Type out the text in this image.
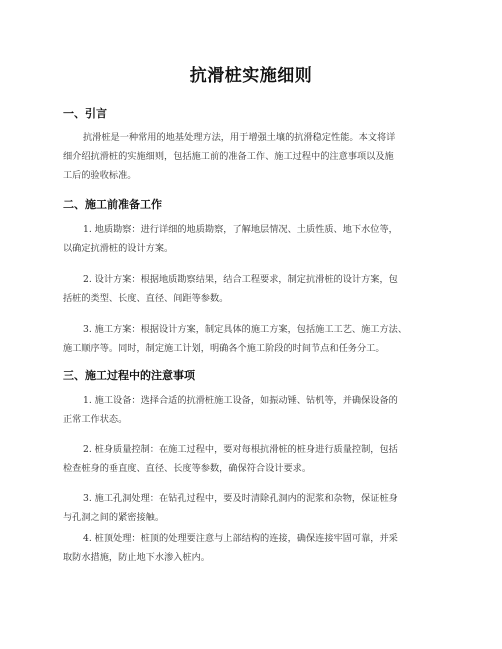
抗滑桩实施细则
一、引言
抗滑桩是一种常用的地基处理方法，用于增强土壤的抗滑稳定性能。本文将详
细介绍抗滑桩的实施细则，包括施工前的准备工作、施工过程中的注意事项以及施
工后的验收标准。
二、施工前准备工作
1. 地质勘察：进行详细的地质勘察，了解地层情况、土质性质、地下水位等，
以确定抗滑桩的设计方案。
2. 设计方案：根据地质勘察结果，结合工程要求，制定抗滑桩的设计方案，包
括桩的类型、长度、直径、间距等参数。
3. 施工方案：根据设计方案，制定具体的施工方案，包括施工工艺、施工方法、
施工顺序等。同时，制定施工计划，明确各个施工阶段的时间节点和任务分工。
三、施工过程中的注意事项
1. 施工设备：选择合适的抗滑桩施工设备，如振动锤、钻机等，并确保设备的
正常工作状态。
2. 桩身质量控制：在施工过程中，要对每根抗滑桩的桩身进行质量控制，包括
检查桩身的垂直度、直径、长度等参数，确保符合设计要求。
3. 施工孔洞处理：在钻孔过程中，要及时清除孔洞内的泥浆和杂物，保证桩身
与孔洞之间的紧密接触。
4. 桩顶处理：桩顶的处理要注意与上部结构的连接，确保连接牢固可靠，并采
取防水措施，防止地下水渗入桩内。
